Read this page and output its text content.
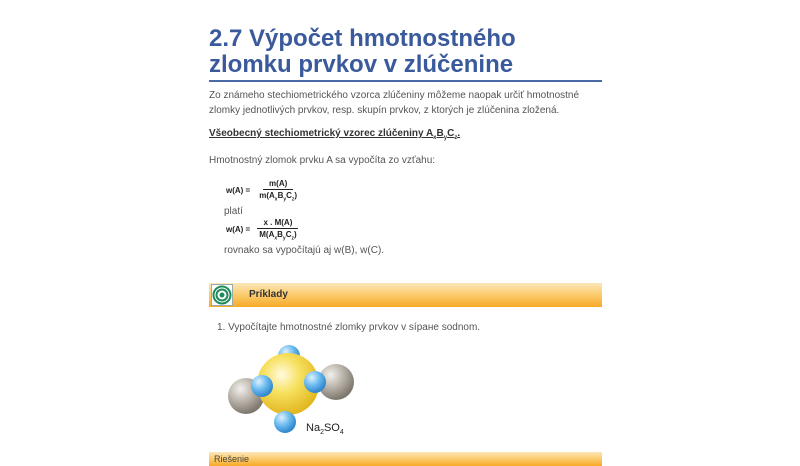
2.7 Výpočet hmotnostného zlomku prvkov v zlúčenine
Zo známeho stechiometrického vzorca zlúčeniny môžeme naopak určiť hmotnostné zlomky jednotlivých prvkov, resp. skupín prvkov, z ktorých je zlúčenina zložená.
Všeobecný stechiometrický vzorec zlúčeniny $A_xB_yC_z$.
Hmotnostný zlomok prvku A sa vypočíta zo vzťahu:
$w(A) = \frac{m(A)}{m(A_xB_yC_z)}$
platí
$w(A) = \frac{x . M(A)}{M(A_xB_yC_z)}$
rovnako sa vypočítajú aj w(B), w(C).
Príklady
1. Vypočítajte hmotnostné zlomky prvkov v síране sodnom.
$Na_2SO_4$
Riešenie
